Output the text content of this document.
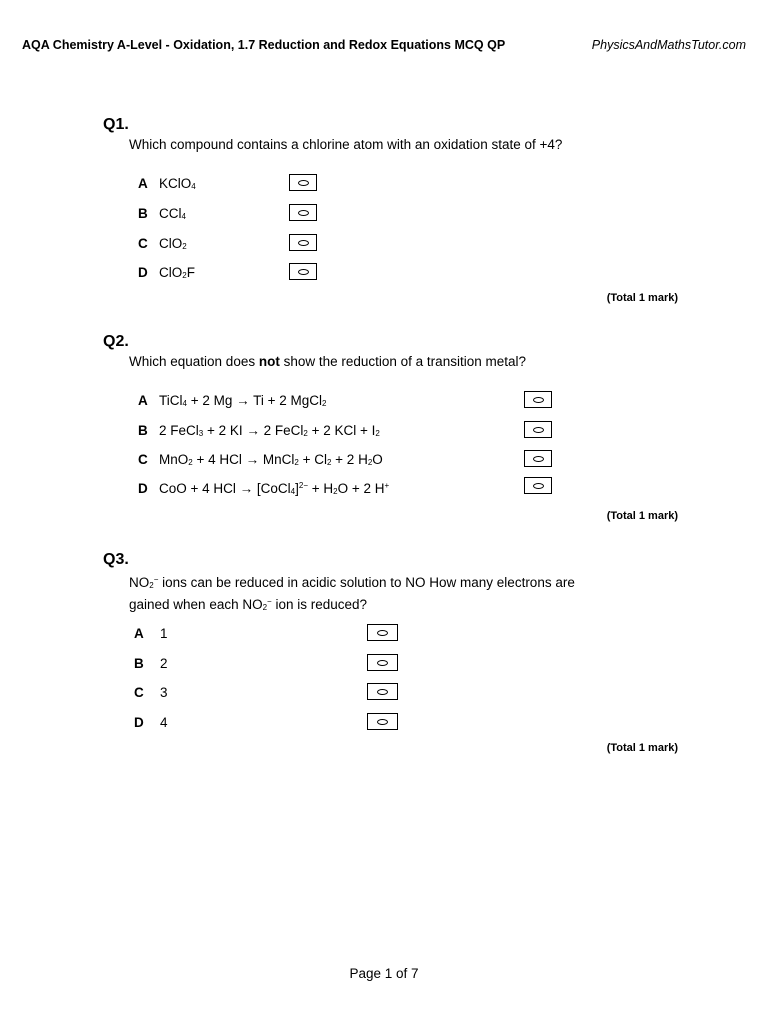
AQA Chemistry A-Level - Oxidation, 1.7 Reduction and Redox Equations MCQ QP	PhysicsAndMathsTutor.com
Q1.
Which compound contains a chlorine atom with an oxidation state of +4?
A KClO$_4$
B CCl$_4$
C ClO$_2$
D ClO$_2$F
(Total 1 mark)
Q2.
Which equation does not show the reduction of a transition metal?
A TiCl$_4$ + 2 Mg → Ti + 2 MgCl$_2$
B 2 FeCl$_3$ + 2 KI → 2 FeCl$_2$ + 2 KCl + $I_2$
C MnO$_2$ + 4 HCl → MnCl$_2$ + $Cl_2 + 2$ $H_2O$
D CoO + 4 HCl → [CoCl$_4$]$^{2-}$ + $H_2O + 2$ H+
(Total 1 mark)
Q3.
$NO_2^-$ ions can be reduced in acidic solution to NO How many electrons are gained when each $NO_2^-$ ion is reduced?
A 1
B 2
C 3
D 4
(Total 1 mark)
Page 1 of 7
